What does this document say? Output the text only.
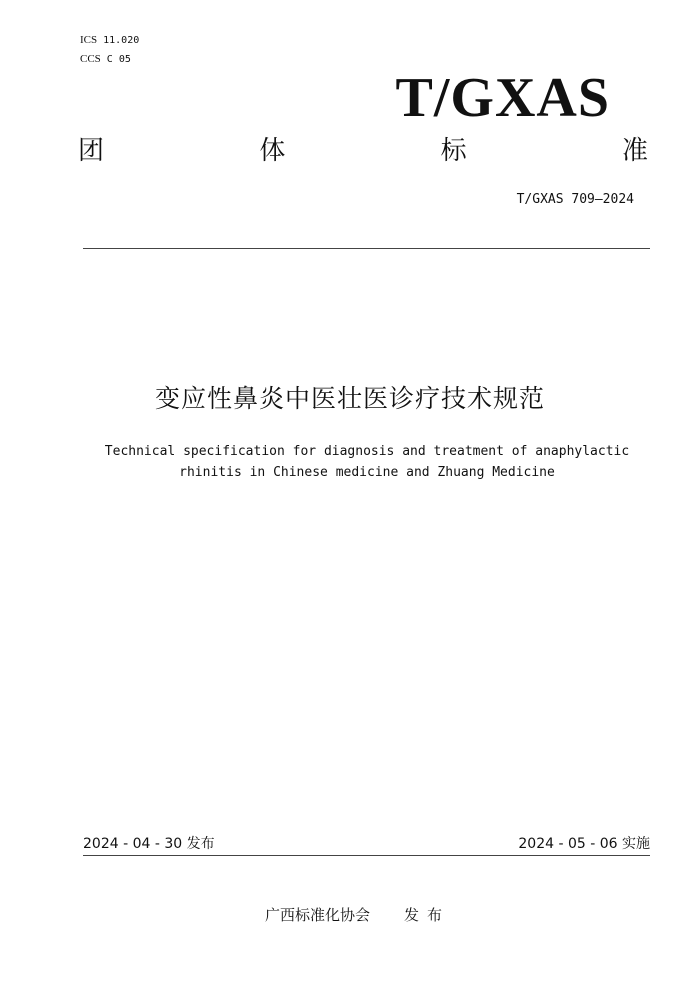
ICS 11.020
CCS C 05
T/GXAS
团	体	标	准
T/GXAS 709—2024
变应性鼻炎中医壮医诊疗技术规范
Technical specification for diagnosis and treatment of anaphylactic
rhinitis in Chinese medicine and Zhuang Medicine
2024 - 04 - 30 发布	2024 - 05 - 06 实施
广西标准化协会 发布
